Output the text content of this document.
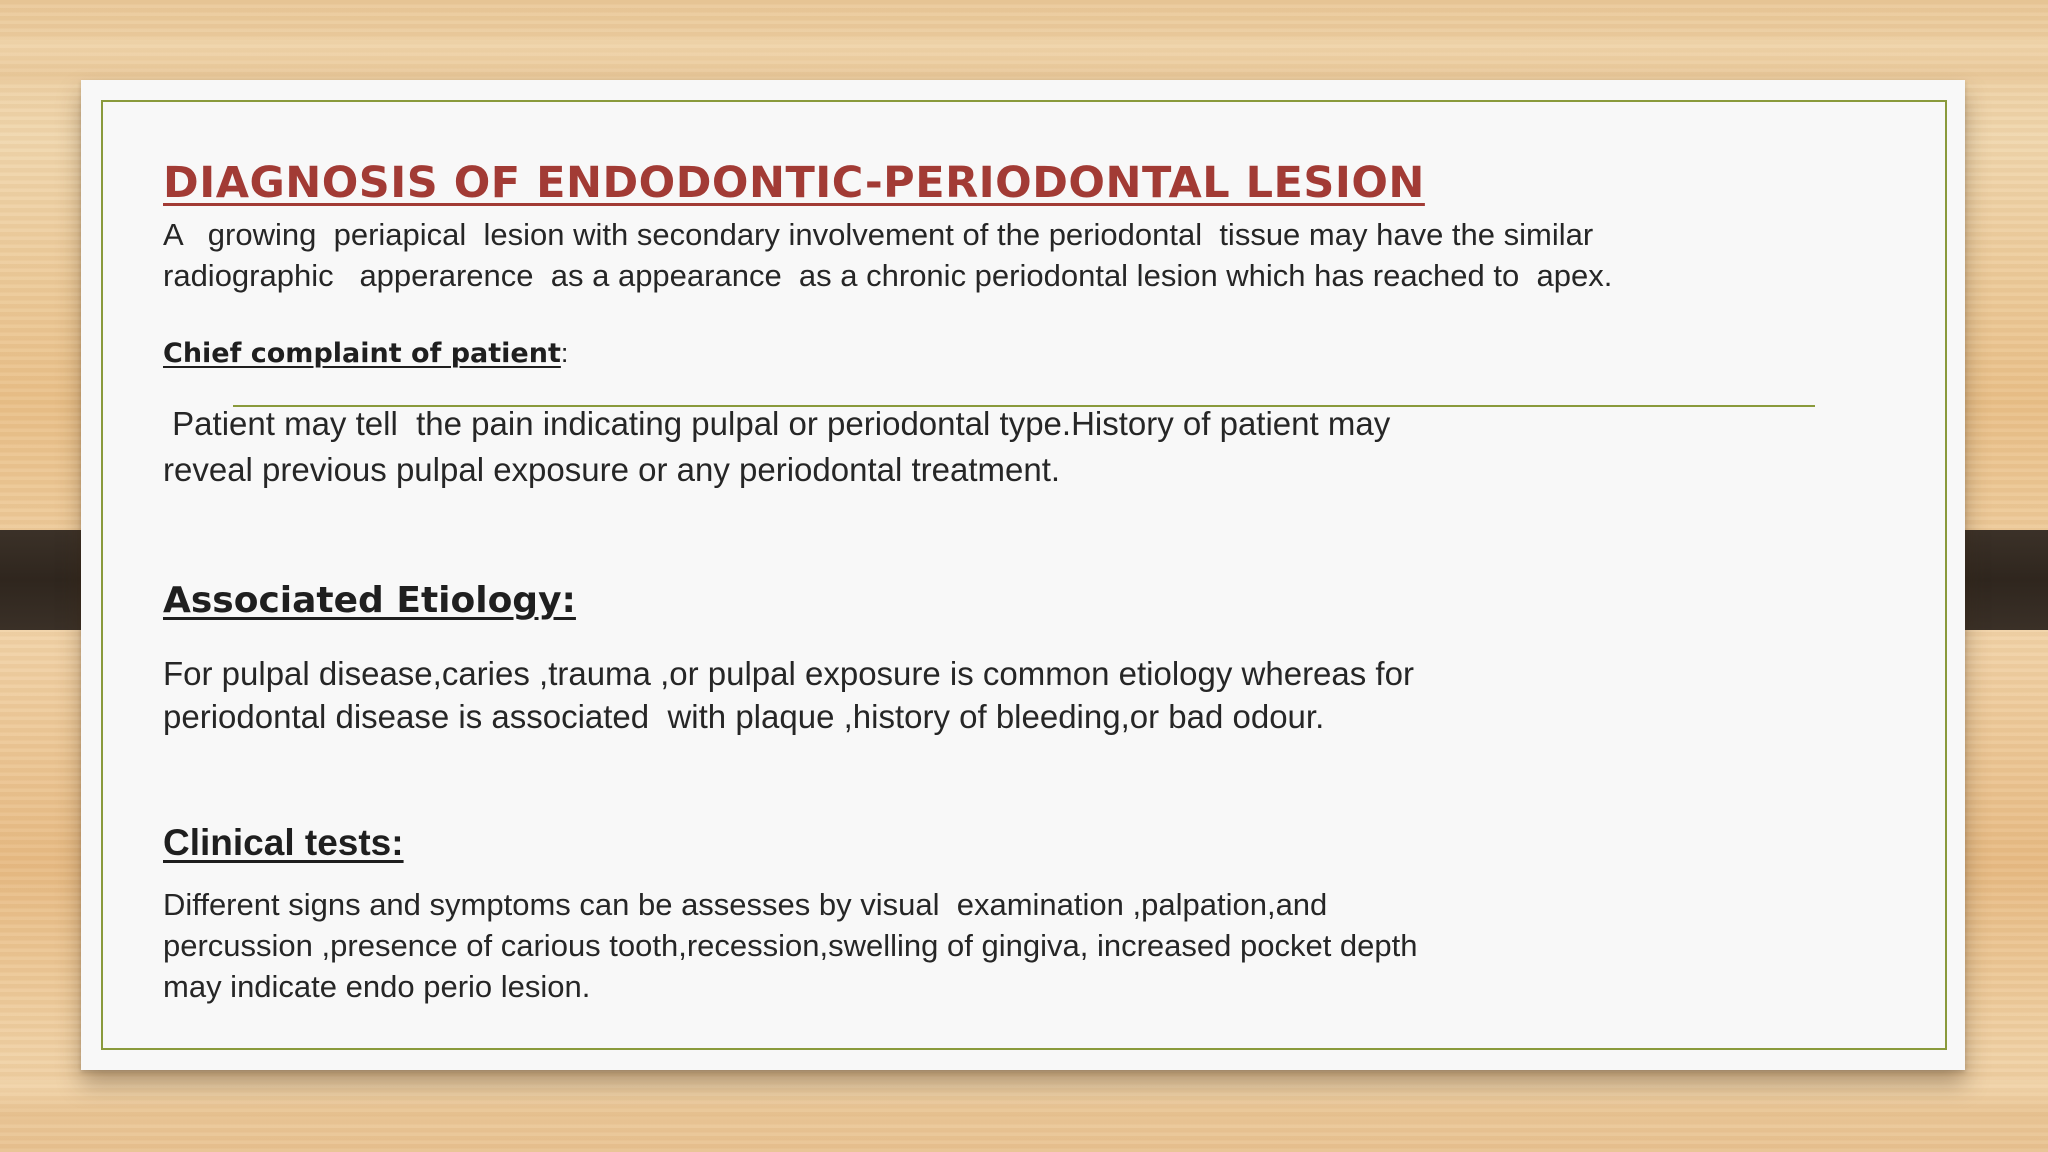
DIAGNOSIS OF ENDODONTIC-PERIODONTAL LESION

A   growing  periapical  lesion with secondary involvement of the periodontal  tissue may have the similar
radiographic   apperarence  as a appearance  as a chronic periodontal lesion which has reached to  apex.

Chief complaint of patient:

Patient may tell  the pain indicating pulpal or periodontal type.History of patient may
reveal previous pulpal exposure or any periodontal treatment.

Associated Etiology:

For pulpal disease,caries ,trauma ,or pulpal exposure is common etiology whereas for
periodontal disease is associated  with plaque ,history of bleeding,or bad odour.

Clinical tests:

Different signs and symptoms can be assesses by visual  examination ,palpation,and
percussion ,presence of carious tooth,recession,swelling of gingiva, increased pocket depth
may indicate endo perio lesion.
